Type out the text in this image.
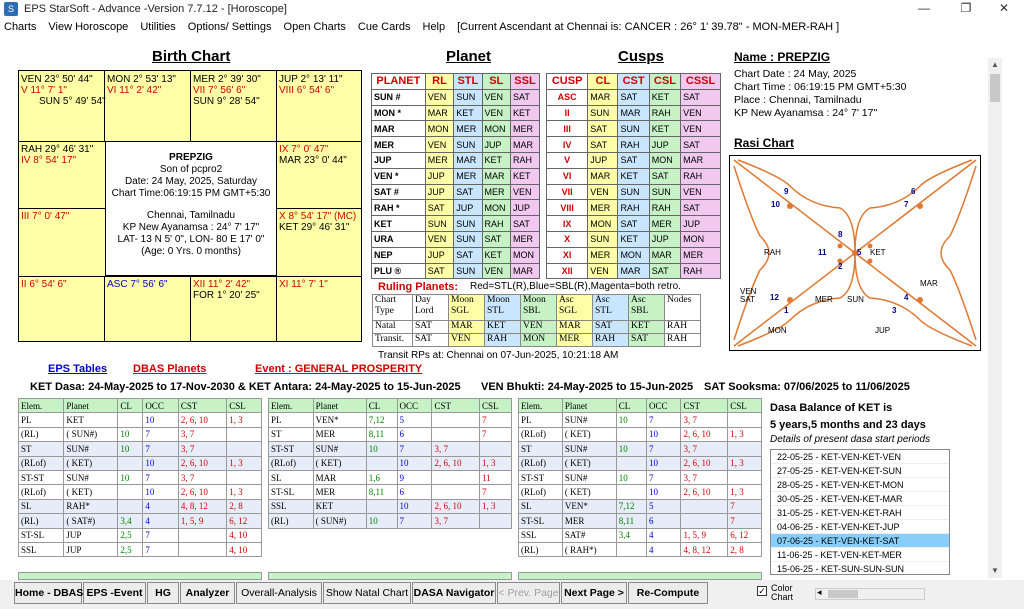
S EPS StarSoft - Advance -Version 7.7.12 - [Horoscope]	—	❐	✕
Charts View Horoscope Utilities Options/ Settings Open Charts Cue Cards Help [Current Ascendant at Chennai is: CANCER : 26° 1' 39.78" - MON-MER-RAH ]
▲
▼
Birth Chart
VEN 23° 50' 44"
V 11° 7' 1"
SUN 5° 49' 54"
MON 2° 53' 13"
VI 11° 2' 42"
MER 2° 39' 30"
VII 7° 56' 6"
SUN 9° 28' 54"
JUP 2° 13' 11"
VIII 6° 54' 6"
RAH 29° 46' 31"
IV 8° 54' 17"
IX 7° 0' 47"
MAR 23° 0' 44"
III 7° 0' 47"	X 8° 54' 17" (MC)
KET 29° 46' 31"
II 6° 54' 6"	ASC 7° 56' 6"	XII 11° 2' 42"
FOR 1° 20' 25"
XI 11° 7' 1"
PREPZIG
Son of pcpro2
Date: 24 May, 2025, Saturday
Chart Time:06:19:15 PM GMT+5:30
Chennai, Tamilnadu
KP New Ayanamsa : 24° 7' 17"
LAT- 13 N 5' 0", LON- 80 E 17' 0"
(Age: 0 Yrs. 0 months)
Planet
PLANET	RL	STL	SL	SSL
SUN #	VEN	SUN	VEN	SAT
MON *	MAR	KET	VEN	KET
MAR	MON	MER	MON	MER
MER	VEN	SUN	JUP	MAR
JUP	MER	MAR	KET	RAH
VEN *	JUP	MER	MAR	KET
SAT #	JUP	SAT	MER	VEN
RAH *	SAT	JUP	MON	JUP
KET	SUN	SUN	RAH	SAT
URA	VEN	SUN	SAT	MER
NEP	JUP	SAT	KET	MON
PLU ®	SAT	SUN	VEN	MAR
Cusps
CUSP	CL	CST	CSL	CSSL
ASC	MAR	SAT	KET	SAT
II	SUN	MAR	RAH	VEN
III	SAT	SUN	KET	VEN
IV	SAT	RAH	JUP	SAT
V	JUP	SAT	MON	MAR
VI	MAR	KET	SAT	RAH
VII	VEN	SUN	SUN	VEN
VIII	MER	RAH	RAH	SAT
IX	MON	SAT	MER	JUP
X	SUN	KET	JUP	MON
XI	MER	MON	MAR	MER
XII	VEN	MAR	SAT	RAH
Ruling Planets: Red=STL(R),Blue=SBL(R),Magenta=both retro.
Chart Type	Day Lord	Moon SGL	Moon STL	Moon SBL	Asc SGL	Asc STL	Asc SBL	Nodes
Natal	SAT	MAR	KET	VEN	MAR	SAT	KET	RAH
Transit.	SAT	VEN	RAH	MON	MER	RAH	SAT	RAH
Transit RPs at: Chennai on 07-Jun-2025, 10:21:18 AM
Name : PREPZIG
Chart Date : 24 May, 2025
Chart Time : 06:19:15 PM GMT+5:30
Place : Chennai, Tamilnadu
KP New Ayanamsa : 24° 7' 17"
Rasi Chart
9
10
6
7
8
11	5
2
12
1
4
3
RAH	KET
MAR
MER SUN
MON	JUP
VEN
SAT
EPS Tables DBAS Planets	Event : GENERAL PROSPERITY
KET Dasa: 24-May-2025 to 17-Nov-2030 & KET Antara: 24-May-2025 to 15-Jun-2025 VEN Bhukti: 24-May-2025 to 15-Jun-2025 SAT Sooksma: 07/06/2025 to 11/06/2025
Elem.	Planet	CL	OCC	CST	CSL
PL	KET		10	2, 6, 10	1, 3
(RL)	( SUN#)	10	7	3, 7	
ST	SUN#	10	7	3, 7	
(RLof)	( KET)		10	2, 6, 10	1, 3
ST-ST	SUN#	10	7	3, 7	
(RLof)	( KET)		10	2, 6, 10	1, 3
SL	RAH*		4	4, 8, 12	2, 8
(RL)	( SAT#)	3,4	4	1, 5, 9	6, 12
ST-SL	JUP	2,5	7		4, 10
SSL	JUP	2,5	7		4, 10
Elem.	Planet	CL	OCC	CST	CSL
PL	VEN*	7,12	5		7
ST	MER	8,11	6		7
ST-ST	SUN#	10	7	3, 7	
(RLof)	( KET)		10	2, 6, 10	1, 3
SL	MAR	1,6	9		11
ST-SL	MER	8,11	6		7
SSL	KET		10	2, 6, 10	1, 3
(RL)	( SUN#)	10	7	3, 7	
Elem.	Planet	CL	OCC	CST	CSL
PL	SUN#	10	7	3, 7	
(RLof)	( KET)		10	2, 6, 10	1, 3
ST	SUN#	10	7	3, 7	
(RLof)	( KET)		10	2, 6, 10	1, 3
ST-ST	SUN#	10	7	3, 7	
(RLof)	( KET)		10	2, 6, 10	1, 3
SL	VEN*	7,12	5		7
ST-SL	MER	8,11	6		7
SSL	SAT#	3,4	4	1, 5, 9	6, 12
(RL)	( RAH*)		4	4, 8, 12	2, 8
Dasa Balance of KET is
5 years,5 months and 23 days
Details of present dasa start periods
22-05-25 - KET-VEN-KET-VEN
27-05-25 - KET-VEN-KET-SUN
28-05-25 - KET-VEN-KET-MON
30-05-25 - KET-VEN-KET-MAR
31-05-25 - KET-VEN-KET-RAH
04-06-25 - KET-VEN-KET-JUP
07-06-25 - KET-VEN-KET-SAT
11-06-25 - KET-VEN-KET-MER
15-06-25 - KET-SUN-SUN-SUN
Home - DBAS EPS -Event	HG	Analyzer	Overall-Analysis Show Natal Chart DASA Navigator < Prev. Page Next Page >	Re-Compute	✓ Color Chart	◂
